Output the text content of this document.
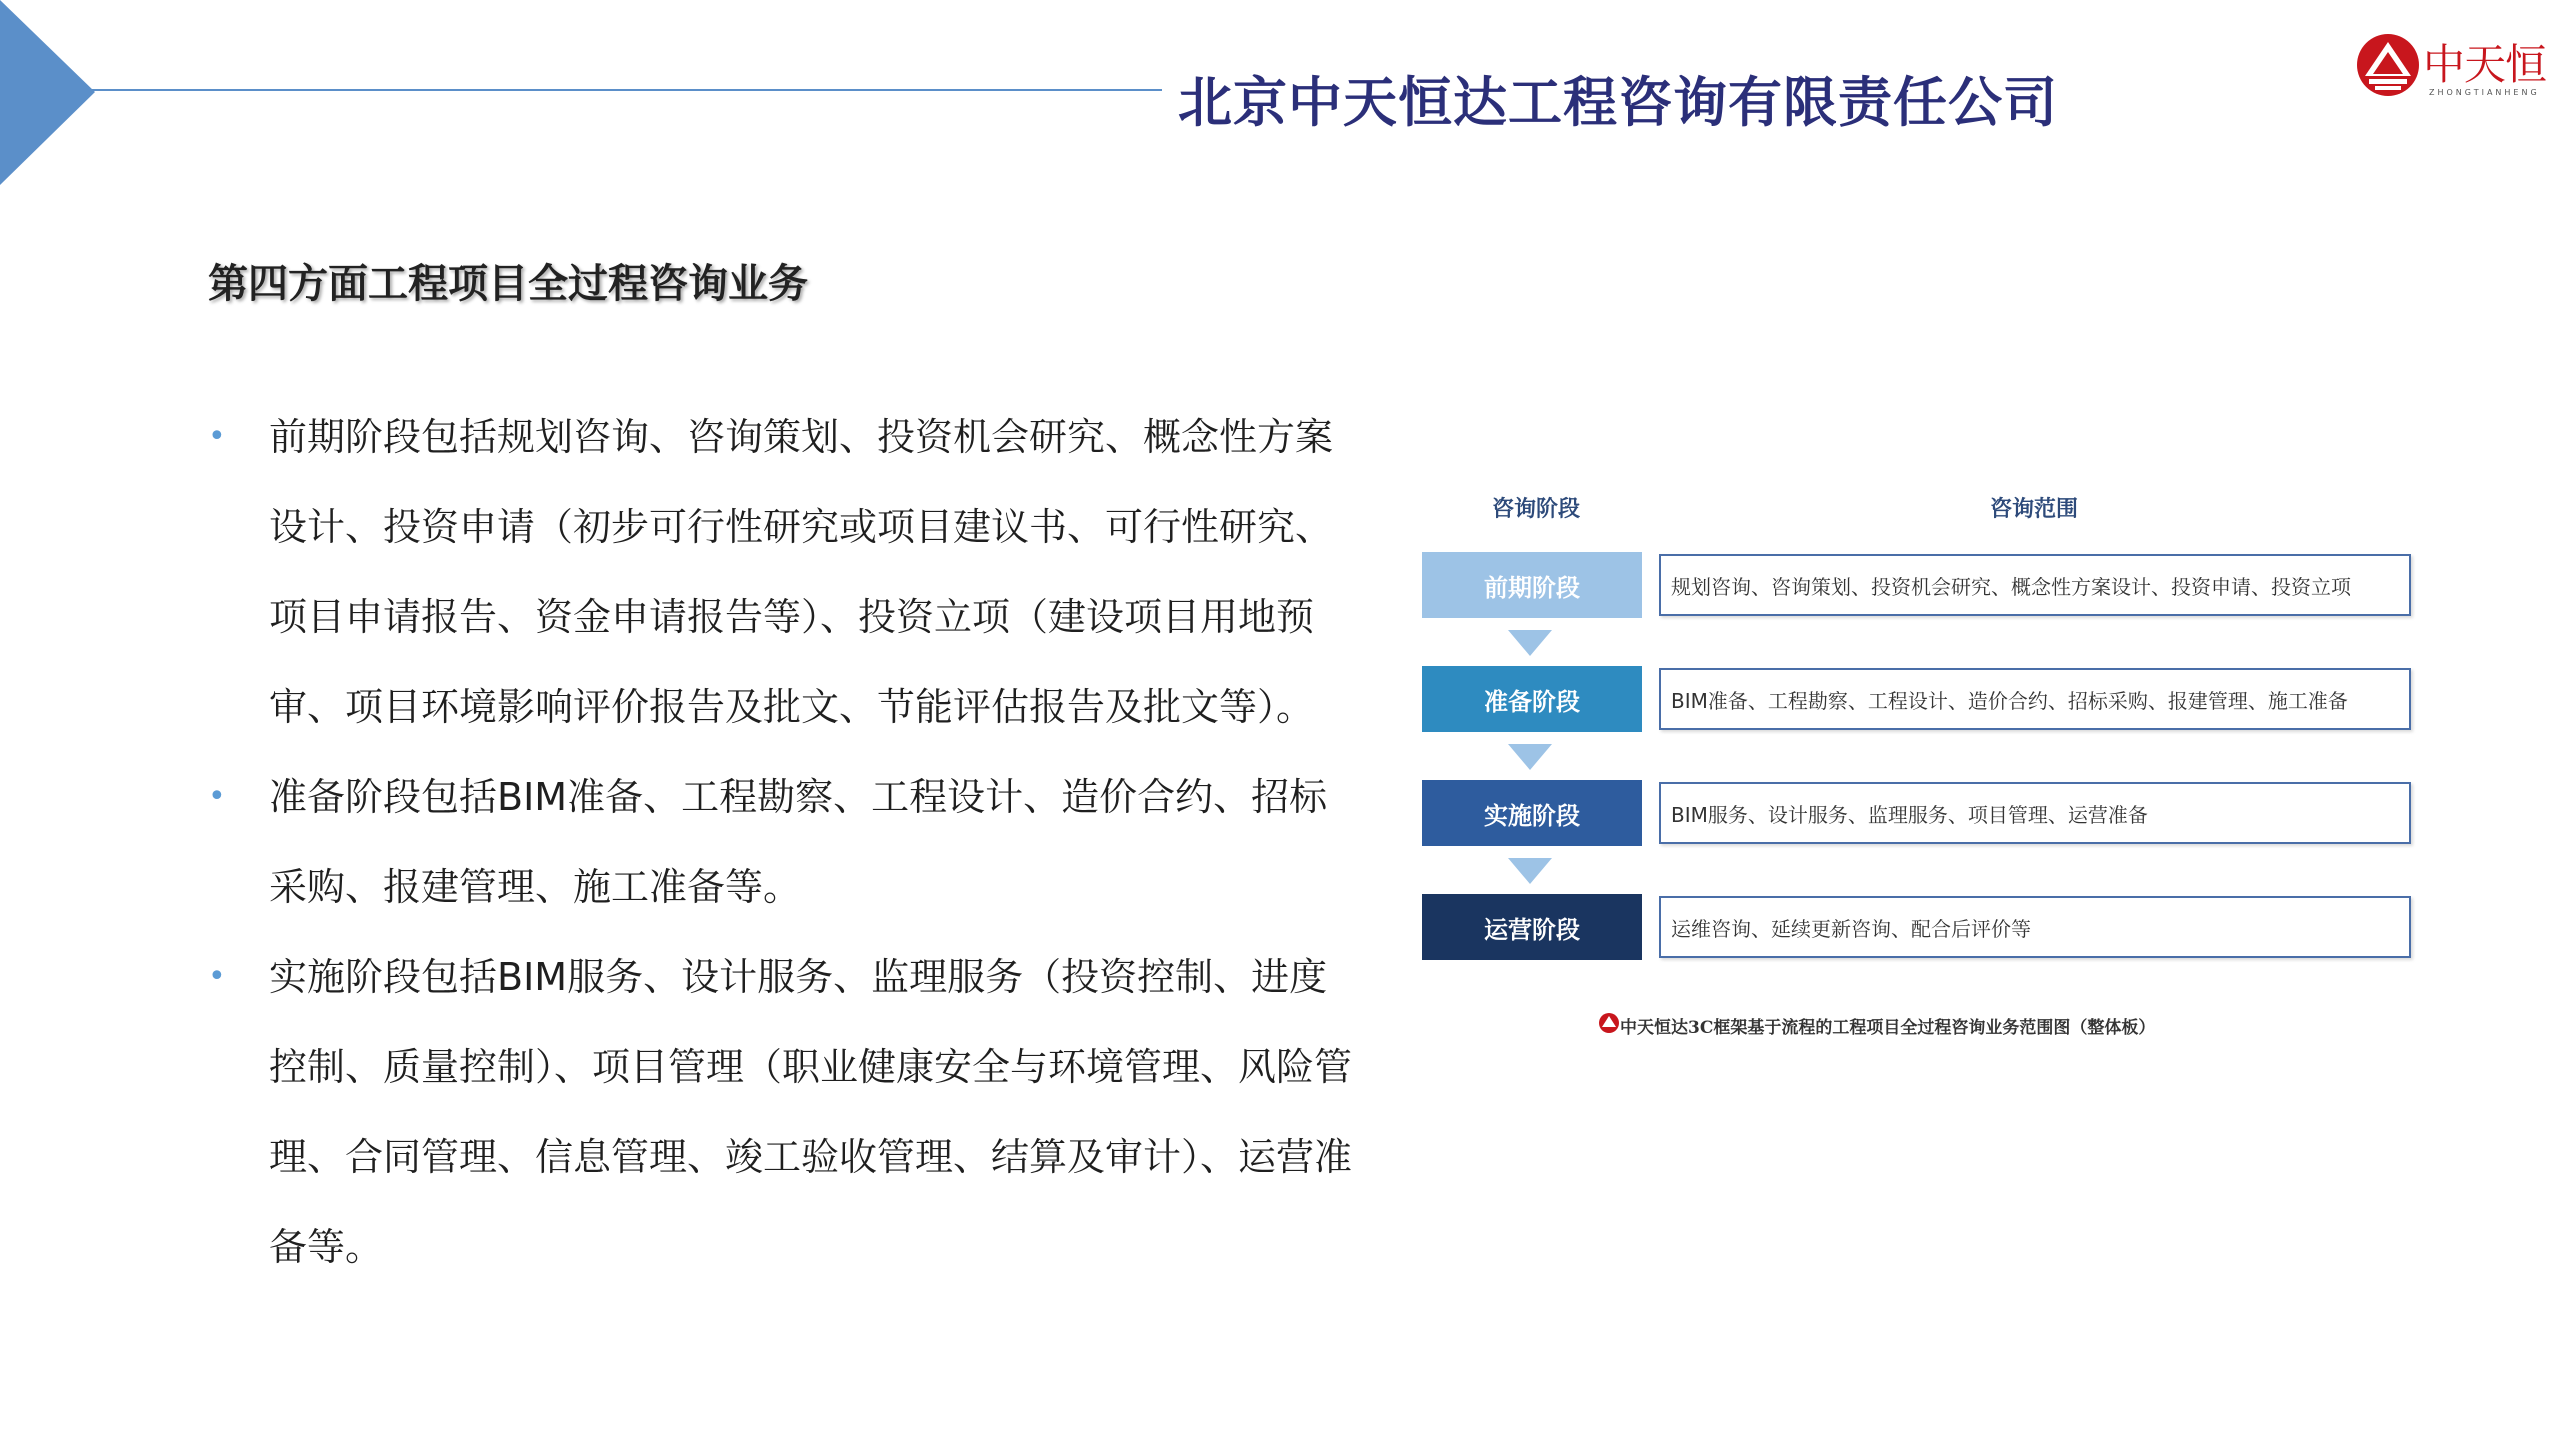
北京中天恒达工程咨询有限责任公司
中天恒
ZHONGTIANHENG
第四方面工程项目全过程咨询业务
• 前期阶段包括规划咨询、咨询策划、投资机会研究、概念性方案设计、投资申请（初步可行性研究或项目建议书、可行性研究、项目申请报告、资金申请报告等）、投资立项（建设项目用地预审、项目环境影响评价报告及批文、节能评估报告及批文等）。
• 准备阶段包括BIM准备、工程勘察、工程设计、造价合约、招标采购、报建管理、施工准备等。
• 实施阶段包括BIM服务、设计服务、监理服务（投资控制、进度控制、质量控制）、项目管理（职业健康安全与环境管理、风险管理、合同管理、信息管理、竣工验收管理、结算及审计）、运营准备等。
咨询阶段	咨询范围
前期阶段	规划咨询、咨询策划、投资机会研究、概念性方案设计、投资申请、投资立项
准备阶段	BIM准备、工程勘察、工程设计、造价合约、招标采购、报建管理、施工准备
实施阶段	BIM服务、设计服务、监理服务、项目管理、运营准备
运营阶段	运维咨询、延续更新咨询、配合后评价等
中天恒达3C框架基于流程的工程项目全过程咨询业务范围图（整体板）
